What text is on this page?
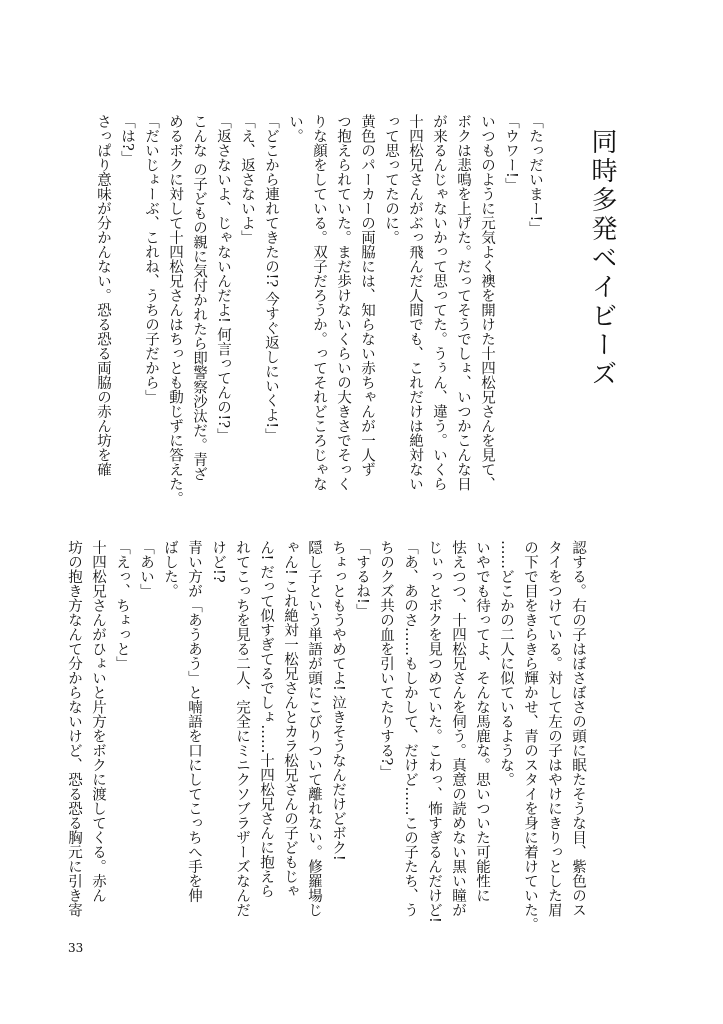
同時多発ベイビーズ
「たっだいまー!」
「ウワー!」
いつものように元気よく襖を開けた十四松兄さんを見て、
ボクは悲鳴を上げた。だってそうでしょ、いつかこんな日
が来るんじゃないかって思ってた。うぅん、違う。いくら
十四松兄さんがぶっ飛んだ人間でも、これだけは絶対ない
って思ってたのに。
黄色のパーカーの両脇には、知らない赤ちゃんが一人ず
つ抱えられていた。まだ歩けないくらいの大きさでそっく
りな顔をしている。双子だろうか。ってそれどころじゃな
い。
「どこから連れてきたの!? 今すぐ返しにいくよ!」
「え、返さないよ」
「返さないよ、じゃないんだよ! 何言ってんの!?」
こんな の子どもの親に気付かれたら即警察沙汰だ。青ざ
めるボクに対して十四松兄さんはちっとも動じずに答えた。
「だいじょーぶ、これね、うちの子だから」
「は?」
さっぱり意味が分かんない。恐る恐る両脇の赤ん坊を確
認する。右の子はぼさぼさの頭に眠たそうな目、紫色のス
タイをつけている。対して左の子はやけにきりっとした眉
の下で目をきらきら輝かせ、青のスタイを身に着けていた。
……どこかの二人に似ているような。
いやでも待ってよ、そんな馬鹿な。思いついた可能性に
怯えつつ、十四松兄さんを伺う。真意の読めない黒い瞳が
じぃっとボクを見つめていた。こわっ、怖すぎるんだけど!
「あ、あのさ……もしかして、だけど……この子たち、う
ちのクズ共の血を引いてたりする?」
「するね!」
ちょっともうやめてよ! 泣きそうなんだけどボク!
隠し子という単語が頭にこびりついて離れない。修羅場じ
ゃん! これ絶対一松兄さんとカラ松兄さんの子どもじゃ
ん! だって似すぎてるでしょ……十四松兄さんに抱えら
れてこっちを見る二人、完全にミニクソブラザーズなんだ
けど!?
青い方が「あうあう」と喃語を口にしてこっちへ手を伸
ばした。
「あい」
「えっ、ちょっと」
十四松兄さんがひょいと片方をボクに渡してくる。赤ん
坊の抱き方なんて分からないけど、恐る恐る胸元に引き寄
33
